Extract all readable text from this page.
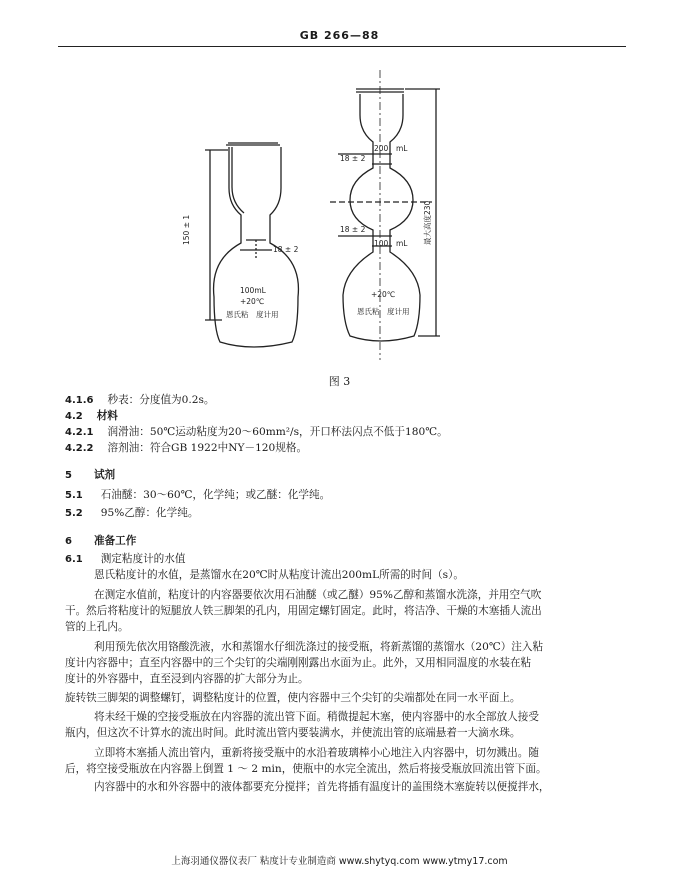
GB 266—88
150 ± 1
18 ± 2
100mL
+20℃
恩氏粘 度计用
18 ± 2
200 mL
18 ± 2
100 mL 最大高度230
+20℃
恩氏粘 度计用
图 3
4.1.6 秒表：分度值为0.2s。
4.2 材料
4.2.1 润滑油：50℃运动粘度为20～60mm²/s，开口杯法闪点不低于180℃。
4.2.2 溶剂油：符合GB 1922中NY－120规格。
5 试剂
5.1 石油醚：30～60℃，化学纯；或乙醚：化学纯。
5.2 95%乙醇：化学纯。
6 准备工作
6.1 测定粘度计的水值
恩氏粘度计的水值，是蒸馏水在20℃时从粘度计流出200mL所需的时间（s）。
在测定水值前，粘度计的内容器要依次用石油醚（或乙醚）95%乙醇和蒸馏水洗涤，并用空气吹
干。然后将粘度计的短腿放人铁三脚架的孔内，用固定螺钉固定。此时，将洁净、干燥的木塞插人流出
管的上孔内。
利用预先依次用铬酸洗液，水和蒸馏水仔细洗涤过的接受瓶，将新蒸馏的蒸馏水（20℃）注入粘
度计内容器中；直至内容器中的三个尖钉的尖端刚刚露出水面为止。此外，又用相同温度的水装在粘
度计的外容器中，直至浸到内容器的扩大部分为止。
旋转铁三脚架的调整螺钉，调整粘度计的位置，使内容器中三个尖钉的尖端都处在同一水平面上。
将未经干燥的空接受瓶放在内容器的流出管下面。稍微提起木塞，使内容器中的水全部放人接受
瓶内，但这次不计算水的流出时间。此时流出管内要装满水，并使流出管的底端悬着一大滴水珠。
立即将木塞插人流出管内，重新将接受瓶中的水沿着玻璃棒小心地注入内容器中，切勿溅出。随
后，将空接受瓶放在内容器上倒置 1 ～ 2 min，使瓶中的水完全流出，然后将接受瓶放回流出管下面。
内容器中的水和外容器中的液体都要充分搅拌；首先将插有温度计的盖围绕木塞旋转以便搅拌水，
上海羽通仪器仪表厂 粘度计专业制造商 www.shytyq.com www.ytmy17.com
